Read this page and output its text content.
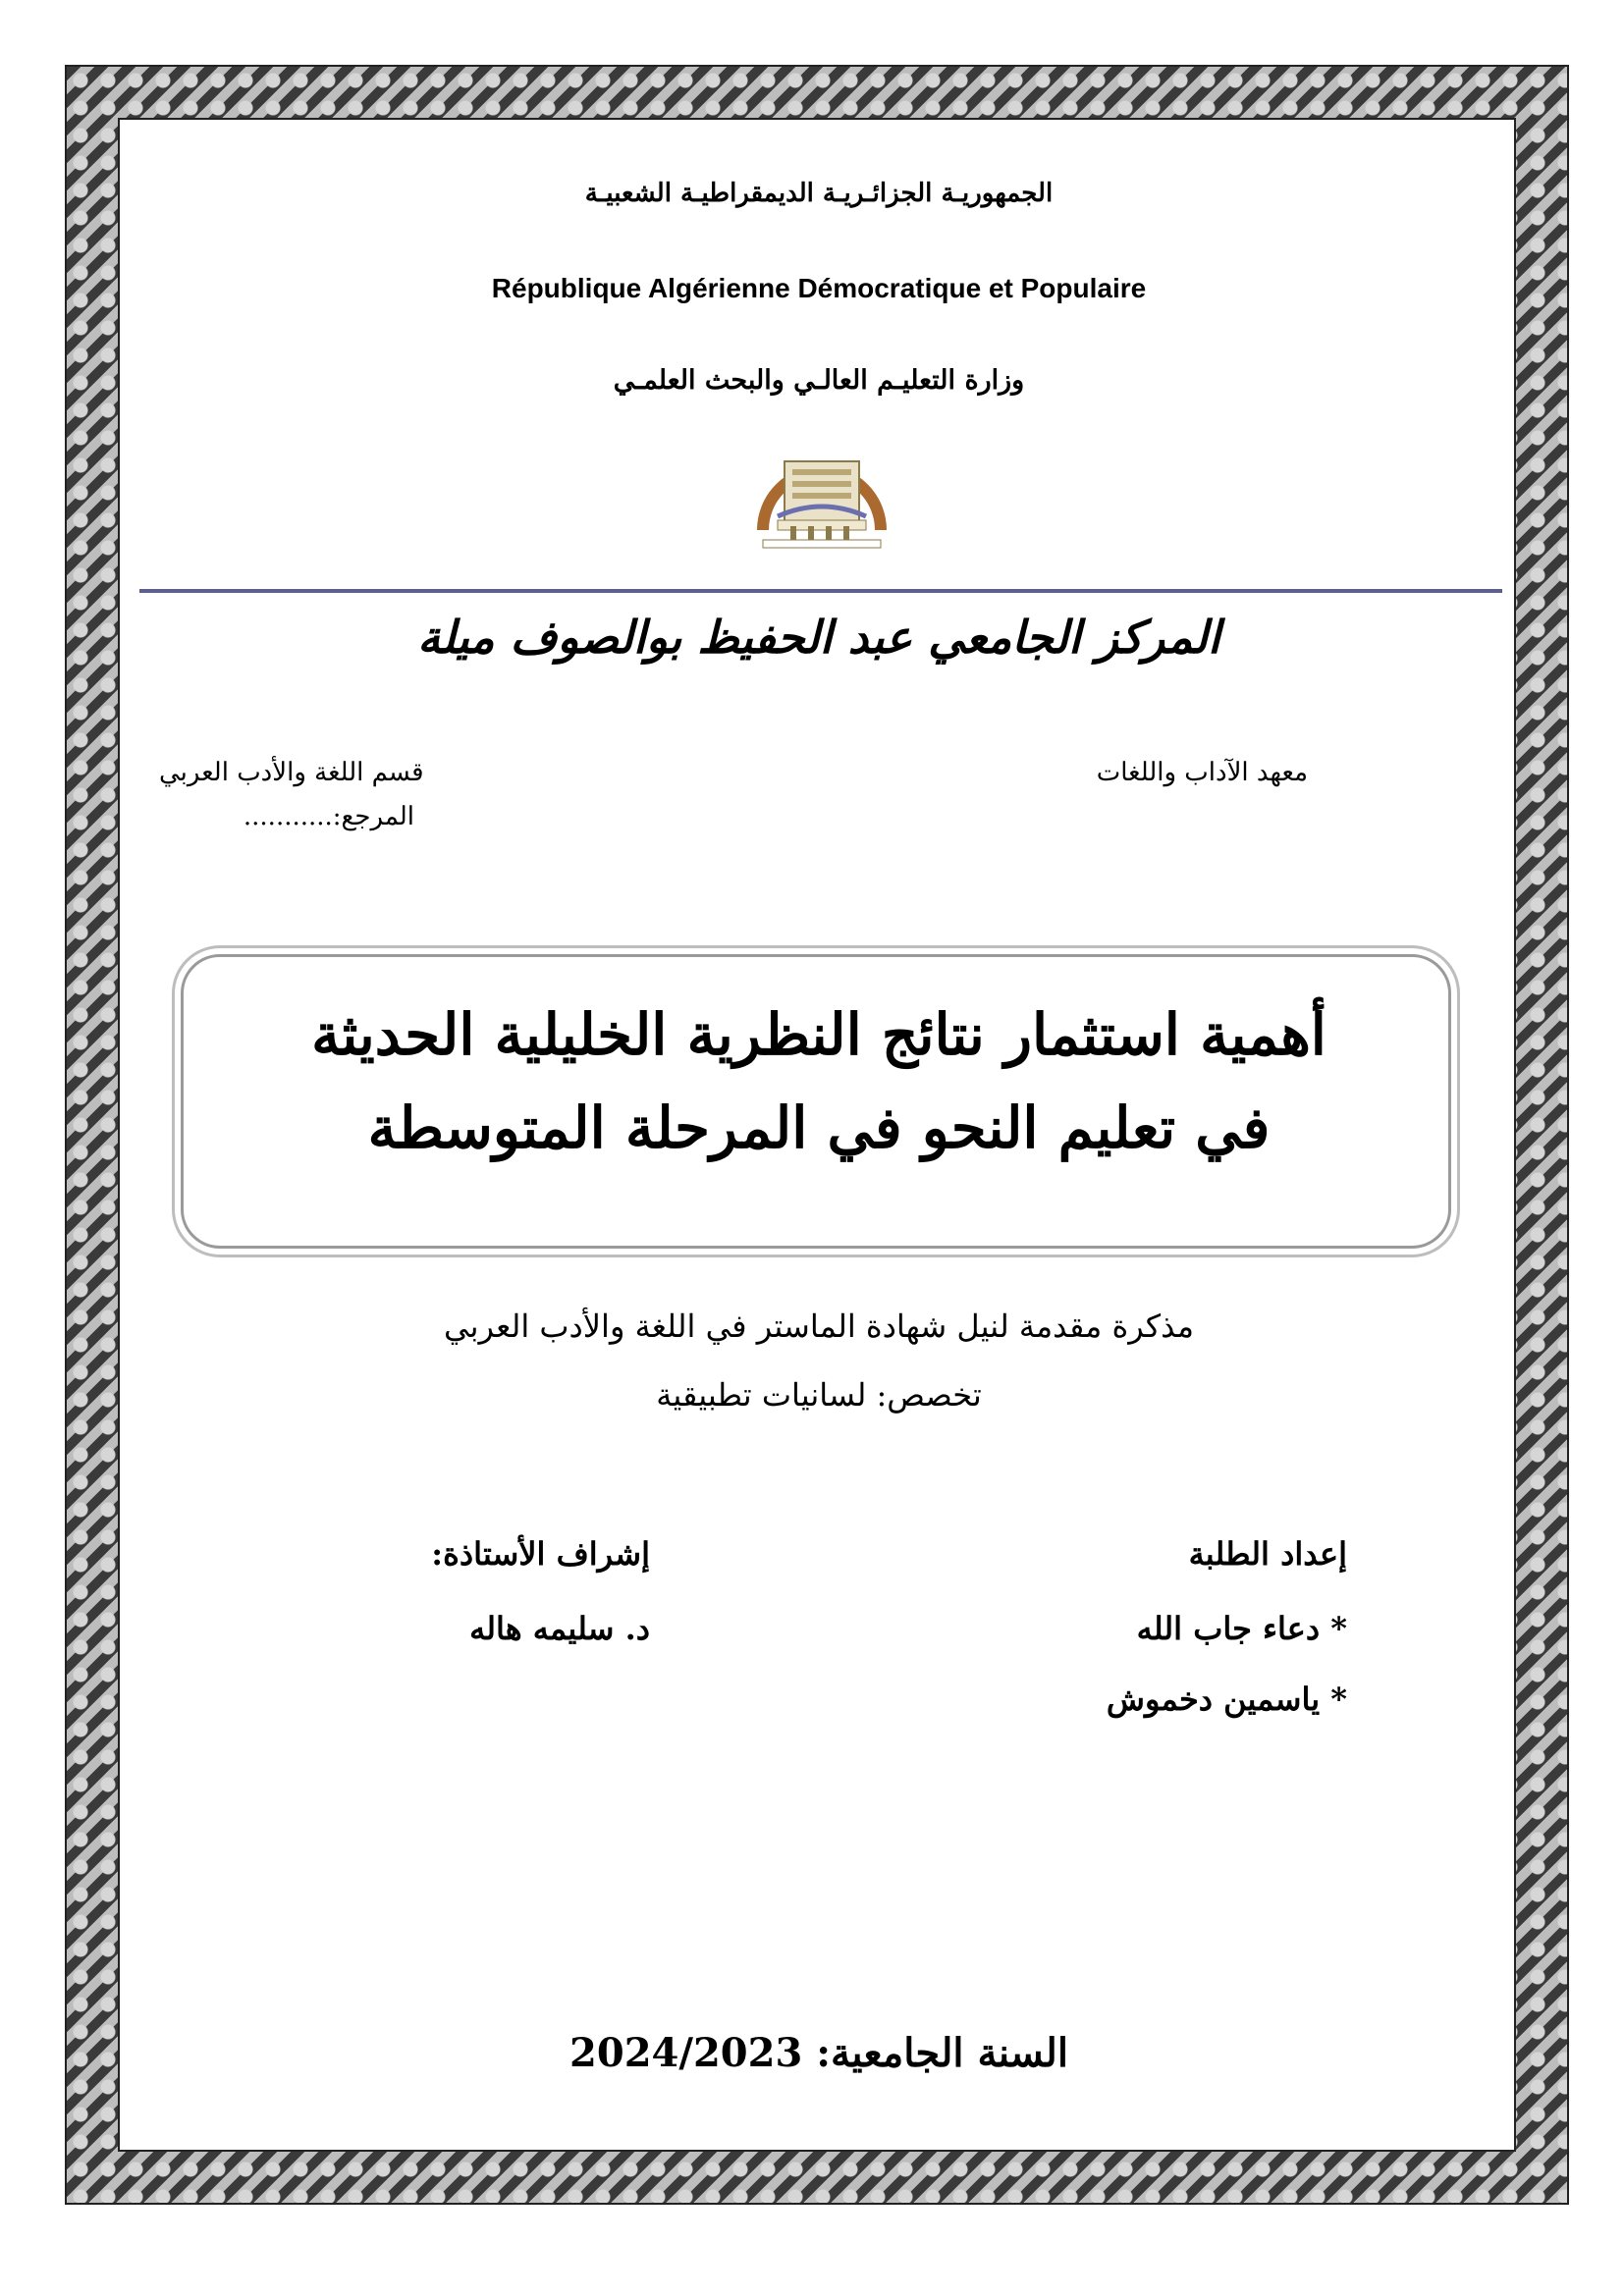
الجمهوريـة الجزائـريـة الديمقراطيـة الشعبيـة
République Algérienne Démocratique et Populaire
وزارة التعليـم العالـي والبحث العلمـي
المركز الجامعي عبد الحفيظ بوالصوف ميلة
معهد الآداب واللغات
قسم اللغة والأدب العربي
المرجع:...........
أهمية استثمار نتائج النظرية الخليلية الحديثة
في تعليم النحو في المرحلة المتوسطة
مذكرة مقدمة لنيل شهادة الماستر في اللغة والأدب العربي
تخصص: لسانيات تطبيقية
إعداد الطلبة
إشراف الأستاذة:
* دعاء جاب الله
* ياسمين دخموش
د. سليمه هاله
السنة الجامعية: 2024/2023
